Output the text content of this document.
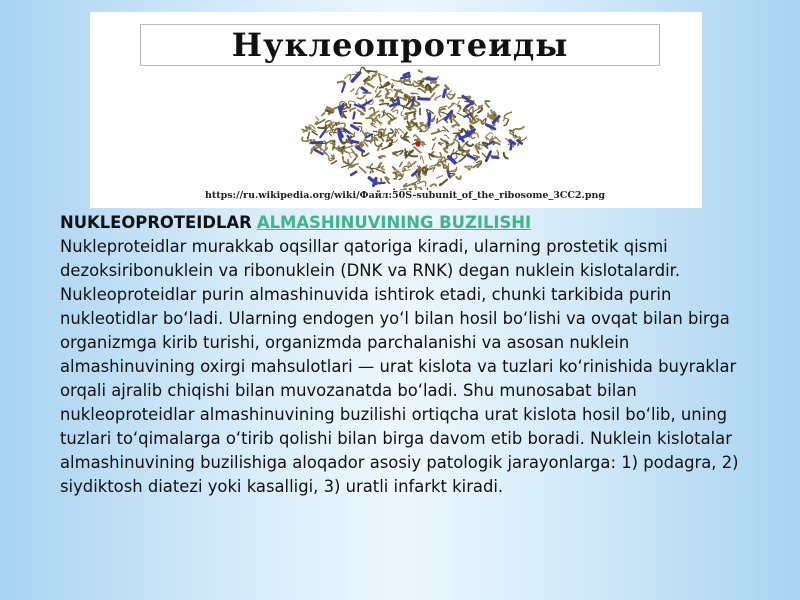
Нуклеопротеиды
https://ru.wikipedia.org/wiki/Файл:50S-subunit_of_the_ribosome_3CC2.png
NUKLEOPROTEIDLAR ALMASHINUVINING BUZILISHI

Nukleproteidlar murakkab oqsillar qatoriga kiradi, ularning prostetik qismi dezoksiribonuklein va ribonuklein (DNK va RNK) degan nuklein kislotalardir. Nukleoproteidlar purin almashinuvida ishtirok etadi, chunki tarkibida purin nukleotidlar boʻladi. Ularning endogen yoʻl bilan hosil boʻlishi va ovqat bilan birga organizmga kirib turishi, organizmda parchalanishi va asosan nuklein almashinuvining oxirgi mahsulotlari — urat kislota va tuzlari koʻrinishida buyraklar orqali ajralib chiqishi bilan muvozanatda boʻladi. Shu munosabat bilan nukleoproteidlar almashinuvining buzilishi ortiqcha urat kislota hosil boʻlib, uning tuzlari toʻqimalarga oʻtirib qolishi bilan birga davom etib boradi. Nuklein kislotalar almashinuvining buzilishiga aloqador asosiy patologik jarayonlarga: 1) podagra, 2) siydiktosh diatezi yoki kasalligi, 3) uratli infarkt kiradi.
